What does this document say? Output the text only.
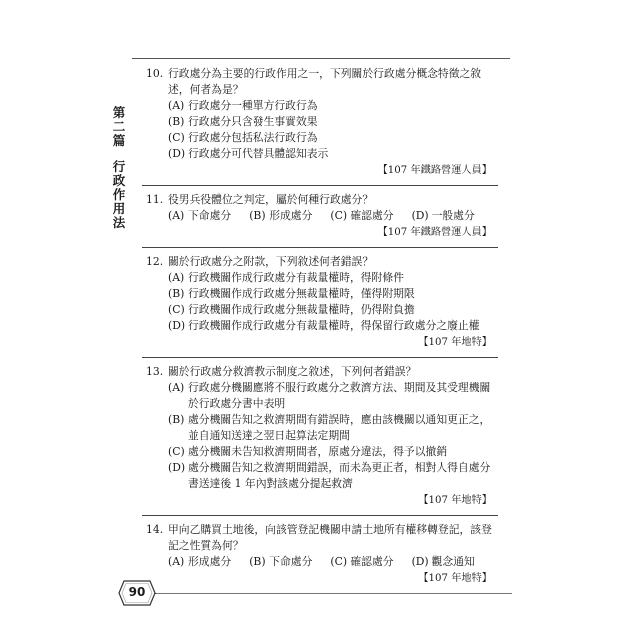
第
二
篇
行
政
作
用
法
10. 行政處分為主要的行政作用之一，下列關於行政處分概念特徵之敘述，何者為是？
(A) 行政處分一種單方行政行為
(B) 行政處分只含發生事實效果
(C) 行政處分包括私法行政行為
(D) 行政處分可代替具體認知表示
【107 年鐵路營運人員】
11. 役男兵役體位之判定，屬於何種行政處分？
(A) 下命處分 (B) 形成處分 (C) 確認處分 (D) 一般處分
【107 年鐵路營運人員】
12. 關於行政處分之附款，下列敘述何者錯誤？
(A) 行政機關作成行政處分有裁量權時，得附條件
(B) 行政機關作成行政處分無裁量權時，僅得附期限
(C) 行政機關作成行政處分無裁量權時，仍得附負擔
(D) 行政機關作成行政處分有裁量權時，得保留行政處分之廢止權
【107 年地特】
13. 關於行政處分救濟教示制度之敘述，下列何者錯誤？
(A) 行政處分機關應將不服行政處分之救濟方法、期間及其受理機關於行政處分書中表明
(B) 處分機關告知之救濟期間有錯誤時，應由該機關以通知更正之，並自通知送達之翌日起算法定期間
(C) 處分機關未告知救濟期間者，原處分違法，得予以撤銷
(D) 處分機關告知之救濟期間錯誤，而未為更正者，相對人得自處分書送達後 1 年內對該處分提起救濟
【107 年地特】
14. 甲向乙購買土地後，向該管登記機關申請土地所有權移轉登記，該登記之性質為何？
(A) 形成處分 (B) 下命處分 (C) 確認處分 (D) 觀念通知
【107 年地特】
90
